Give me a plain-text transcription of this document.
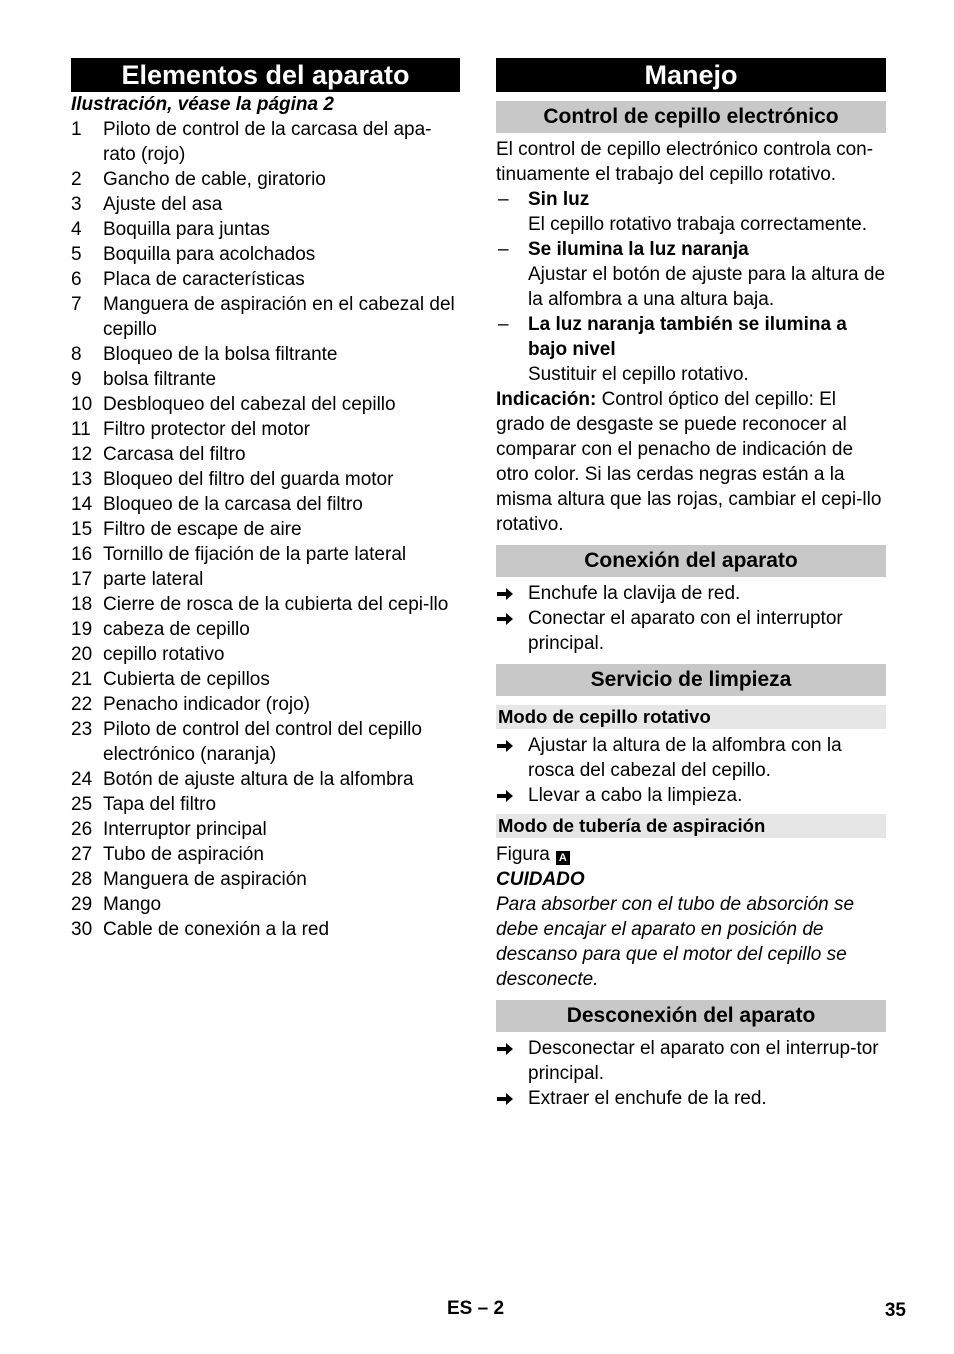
Elementos del aparato
Ilustración, véase la página 2
1	Piloto de control de la carcasa del apa-rato (rojo)
2	Gancho de cable, giratorio
3	Ajuste del asa
4	Boquilla para juntas
5	Boquilla para acolchados
6	Placa de características
7	Manguera de aspiración en el cabezal del cepillo
8	Bloqueo de la bolsa filtrante
9	bolsa filtrante
10 Desbloqueo del cabezal del cepillo
11 Filtro protector del motor
12 Carcasa del filtro
13 Bloqueo del filtro del guarda motor
14 Bloqueo de la carcasa del filtro
15 Filtro de escape de aire
16 Tornillo de fijación de la parte lateral
17 parte lateral
18 Cierre de rosca de la cubierta del cepi-llo
19 cabeza de cepillo
20 cepillo rotativo
21 Cubierta de cepillos
22 Penacho indicador (rojo)
23 Piloto de control del control del cepillo electrónico (naranja)
24 Botón de ajuste altura de la alfombra
25 Tapa del filtro
26 Interruptor principal
27 Tubo de aspiración
28 Manguera de aspiración
29 Mango
30 Cable de conexión a la red
Manejo
Control de cepillo electrónico
El control de cepillo electrónico controla con-tinuamente el trabajo del cepillo rotativo.
–	Sin luz
El cepillo rotativo trabaja correctamente.
–	Se ilumina la luz naranja
Ajustar el botón de ajuste para la altura de la alfombra a una altura baja.
–	La luz naranja también se ilumina a bajo nivel
Sustituir el cepillo rotativo.
Indicación: Control óptico del cepillo: El grado de desgaste se puede reconocer al comparar con el penacho de indicación de otro color. Si las cerdas negras están a la misma altura que las rojas, cambiar el cepi-llo rotativo.
Conexión del aparato
Enchufe la clavija de red.
Conectar el aparato con el interruptor principal.
Servicio de limpieza
Modo de cepillo rotativo
Ajustar la altura de la alfombra con la rosca del cabezal del cepillo.
Llevar a cabo la limpieza.
Modo de tubería de aspiración
Figura A
CUIDADO
Para absorber con el tubo de absorción se debe encajar el aparato en posición de descanso para que el motor del cepillo se desconecte.
Desconexión del aparato
Desconectar el aparato con el interrup-tor principal.
Extraer el enchufe de la red.
ES – 2	35
